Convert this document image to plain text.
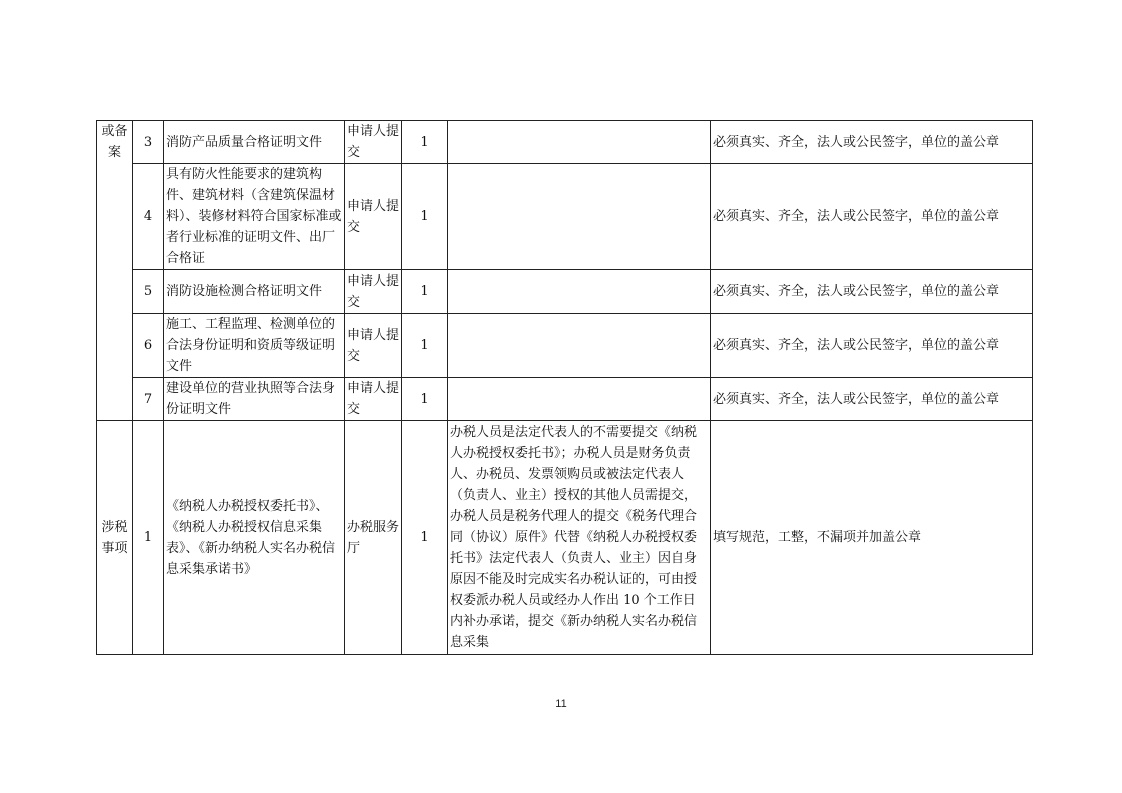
或备案	3	消防产品质量合格证明文件	申请人提交	1		必须真实、齐全，法人或公民签字，单位的盖公章
	4	具有防火性能要求的建筑构件、建筑材料（含建筑保温材料）、装修材料符合国家标准或者行业标准的证明文件、出厂合格证	申请人提交	1		必须真实、齐全，法人或公民签字，单位的盖公章
	5	消防设施检测合格证明文件	申请人提交	1		必须真实、齐全，法人或公民签字，单位的盖公章
	6	施工、工程监理、检测单位的合法身份证明和资质等级证明文件	申请人提交	1		必须真实、齐全，法人或公民签字，单位的盖公章
	7	建设单位的营业执照等合法身份证明文件	申请人提交	1		必须真实、齐全，法人或公民签字，单位的盖公章
涉税事项	1	《纳税人办税授权委托书》、《纳税人办税授权信息采集表》、《新办纳税人实名办税信息采集承诺书》	办税服务厅	1	办税人员是法定代表人的不需要提交《纳税人办税授权委托书》；办税人员是财务负责人、办税员、发票领购员或被法定代表人（负责人、业主）授权的其他人员需提交，办税人员是税务代理人的提交《税务代理合同（协议）原件》代替《纳税人办税授权委托书》法定代表人（负责人、业主）因自身原因不能及时完成实名办税认证的，可由授权委派办税人员或经办人作出 10 个工作日内补办承诺，提交《新办纳税人实名办税信息采集	填写规范，工整，不漏项并加盖公章
11
